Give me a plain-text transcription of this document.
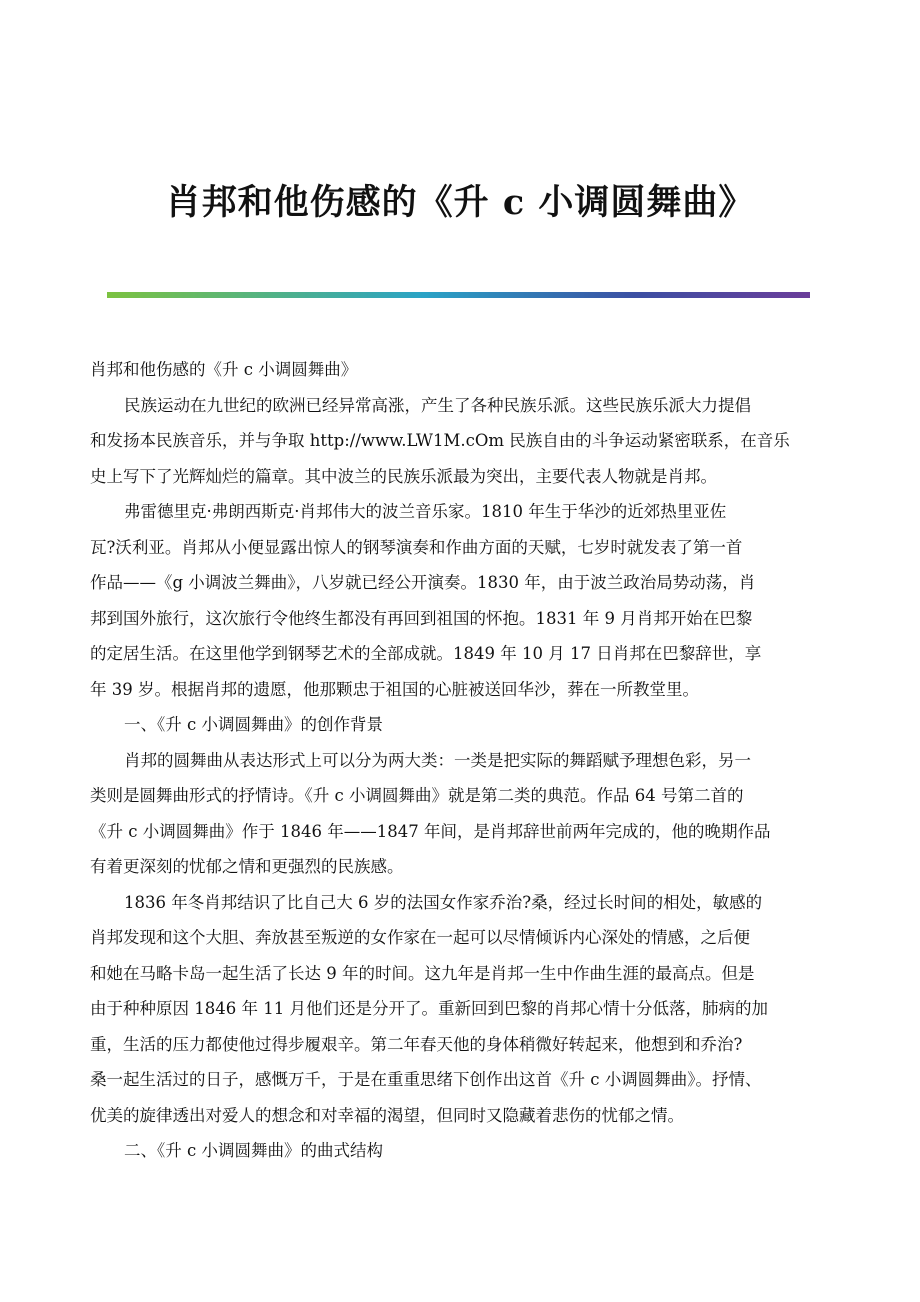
肖邦和他伤感的《升 c 小调圆舞曲》
肖邦和他伤感的《升 c 小调圆舞曲》
民族运动在九世纪的欧洲已经异常高涨，产生了各种民族乐派。这些民族乐派大力提倡
和发扬本民族音乐，并与争取 http://www.LW1M.cOm 民族自由的斗争运动紧密联系，在音乐
史上写下了光辉灿烂的篇章。其中波兰的民族乐派最为突出，主要代表人物就是肖邦。
弗雷德里克·弗朗西斯克·肖邦伟大的波兰音乐家。1810 年生于华沙的近郊热里亚佐
瓦?沃利亚。肖邦从小便显露出惊人的钢琴演奏和作曲方面的天赋，七岁时就发表了第一首
作品——《g 小调波兰舞曲》，八岁就已经公开演奏。1830 年，由于波兰政治局势动荡，肖
邦到国外旅行，这次旅行令他终生都没有再回到祖国的怀抱。1831 年 9 月肖邦开始在巴黎
的定居生活。在这里他学到钢琴艺术的全部成就。1849 年 10 月 17 日肖邦在巴黎辞世，享
年 39 岁。根据肖邦的遗愿，他那颗忠于祖国的心脏被送回华沙，葬在一所教堂里。
一、《升 c 小调圆舞曲》的创作背景
肖邦的圆舞曲从表达形式上可以分为两大类：一类是把实际的舞蹈赋予理想色彩，另一
类则是圆舞曲形式的抒情诗。《升 c 小调圆舞曲》就是第二类的典范。作品 64 号第二首的
《升 c 小调圆舞曲》作于 1846 年——1847 年间，是肖邦辞世前两年完成的，他的晚期作品
有着更深刻的忧郁之情和更强烈的民族感。
1836 年冬肖邦结识了比自己大 6 岁的法国女作家乔治?桑，经过长时间的相处，敏感的
肖邦发现和这个大胆、奔放甚至叛逆的女作家在一起可以尽情倾诉内心深处的情感，之后便
和她在马略卡岛一起生活了长达 9 年的时间。这九年是肖邦一生中作曲生涯的最高点。但是
由于种种原因 1846 年 11 月他们还是分开了。重新回到巴黎的肖邦心情十分低落，肺病的加
重，生活的压力都使他过得步履艰辛。第二年春天他的身体稍微好转起来，他想到和乔治?
桑一起生活过的日子，感慨万千，于是在重重思绪下创作出这首《升 c 小调圆舞曲》。抒情、
优美的旋律透出对爱人的想念和对幸福的渴望，但同时又隐藏着悲伤的忧郁之情。
二、《升 c 小调圆舞曲》的曲式结构
